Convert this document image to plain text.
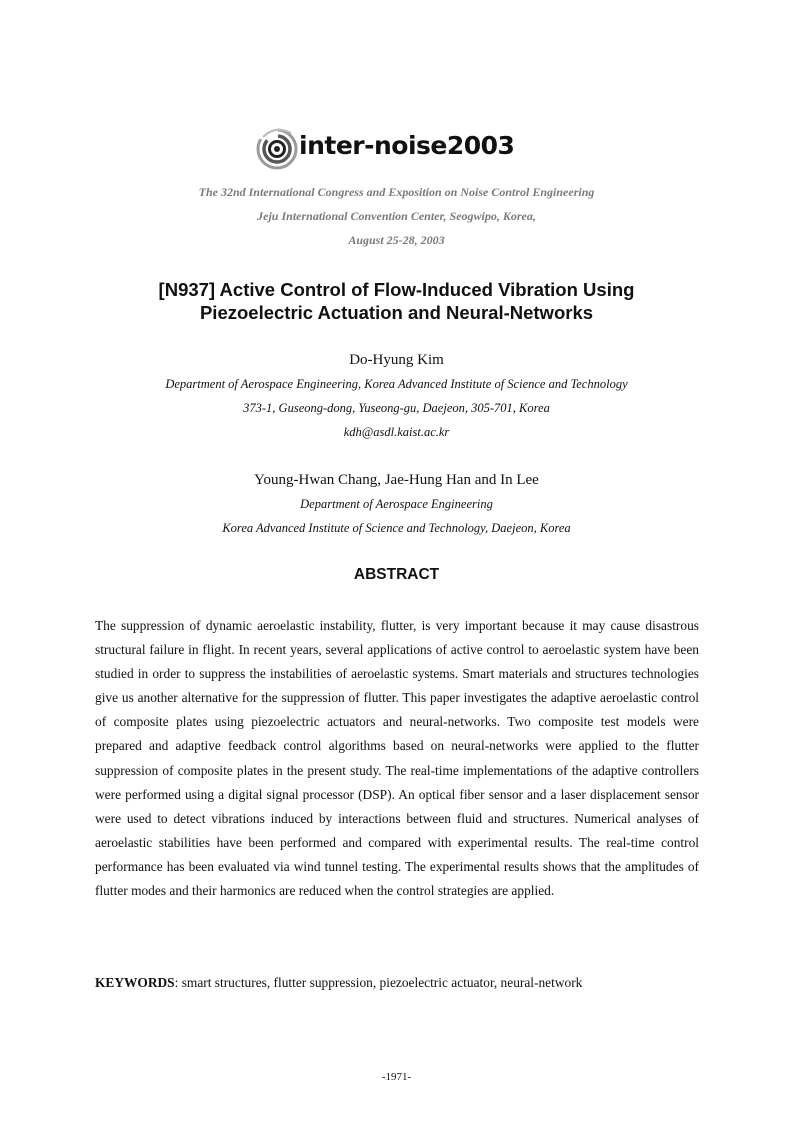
inter-noise2003
The 32nd International Congress and Exposition on Noise Control Engineering
Jeju International Convention Center, Seogwipo, Korea,
August 25-28, 2003
[N937] Active Control of Flow-Induced Vibration Using
Piezoelectric Actuation and Neural-Networks
Do-Hyung Kim
Department of Aerospace Engineering, Korea Advanced Institute of Science and Technology
373-1, Guseong-dong, Yuseong-gu, Daejeon, 305-701, Korea
kdh@asdl.kaist.ac.kr
Young-Hwan Chang, Jae-Hung Han and In Lee
Department of Aerospace Engineering
Korea Advanced Institute of Science and Technology, Daejeon, Korea
ABSTRACT
The suppression of dynamic aeroelastic instability, flutter, is very important because it may cause disastrous structural failure in flight. In recent years, several applications of active control to aeroelastic system have been studied in order to suppress the instabilities of aeroelastic systems. Smart materials and structures technologies give us another alternative for the suppression of flutter. This paper investigates the adaptive aeroelastic control of composite plates using piezoelectric actuators and neural-networks. Two composite test models were prepared and adaptive feedback control algorithms based on neural-networks were applied to the flutter suppression of composite plates in the present study. The real-time implementations of the adaptive controllers were performed using a digital signal processor (DSP). An optical fiber sensor and a laser displacement sensor were used to detect vibrations induced by interactions between fluid and structures. Numerical analyses of aeroelastic stabilities have been performed and compared with experimental results. The real-time control performance has been evaluated via wind tunnel testing. The experimental results shows that the amplitudes of flutter modes and their harmonics are reduced when the control strategies are applied.
KEYWORDS: smart structures, flutter suppression, piezoelectric actuator, neural-network
-1971-
